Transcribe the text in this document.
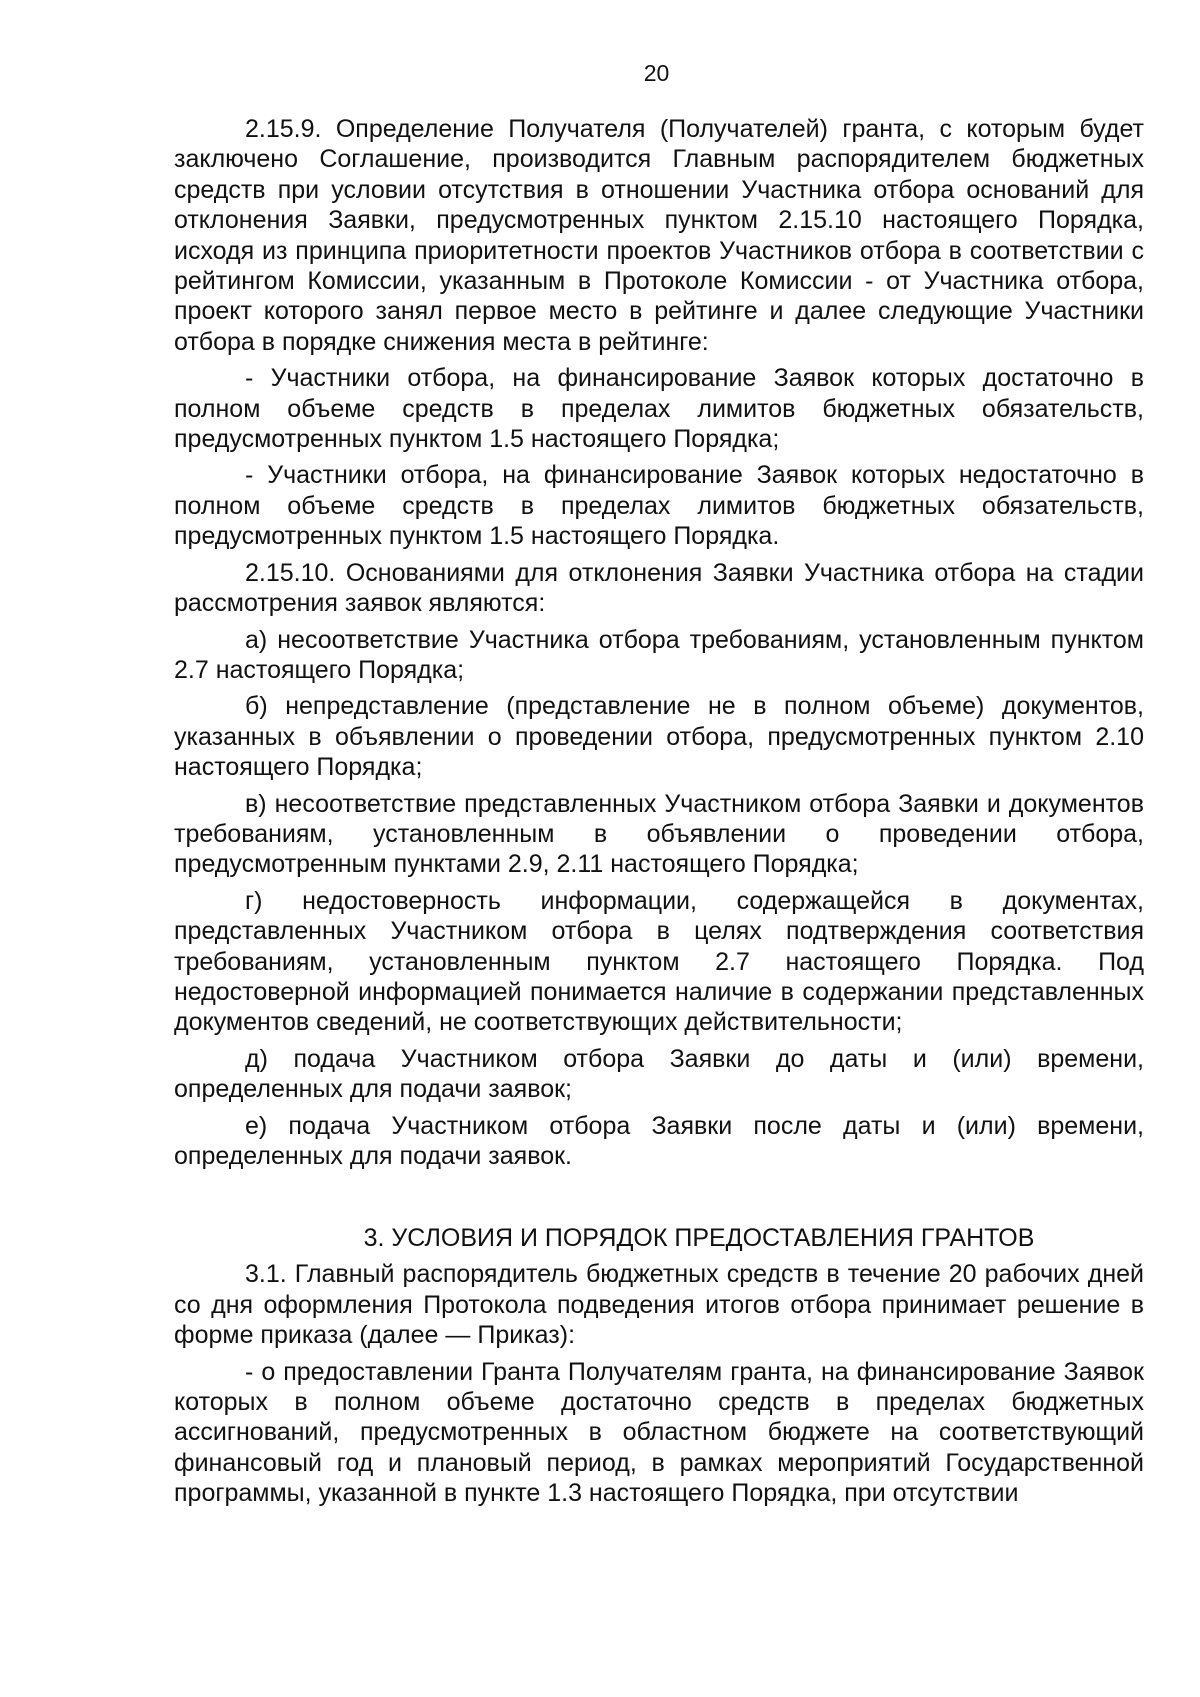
20

2.15.9. Определение Получателя (Получателей) гранта, с которым будет заключено Соглашение, производится Главным распорядителем бюджетных средств при условии отсутствия в отношении Участника отбора оснований для отклонения Заявки, предусмотренных пунктом 2.15.10 настоящего Порядка, исходя из принципа приоритетности проектов Участников отбора в соответствии с рейтингом Комиссии, указанным в Протоколе Комиссии - от Участника отбора, проект которого занял первое место в рейтинге и далее следующие Участники отбора в порядке снижения места в рейтинге:

- Участники отбора, на финансирование Заявок которых достаточно в полном объеме средств в пределах лимитов бюджетных обязательств, предусмотренных пунктом 1.5 настоящего Порядка;

- Участники отбора, на финансирование Заявок которых недостаточно в полном объеме средств в пределах лимитов бюджетных обязательств, предусмотренных пунктом 1.5 настоящего Порядка.

2.15.10. Основаниями для отклонения Заявки Участника отбора на стадии рассмотрения заявок являются:

а) несоответствие Участника отбора требованиям, установленным пунктом 2.7 настоящего Порядка;

б) непредставление (представление не в полном объеме) документов, указанных в объявлении о проведении отбора, предусмотренных пунктом 2.10 настоящего Порядка;

в) несоответствие представленных Участником отбора Заявки и документов требованиям, установленным в объявлении о проведении отбора, предусмотренным пунктами 2.9, 2.11 настоящего Порядка;

г) недостоверность информации, содержащейся в документах, представленных Участником отбора в целях подтверждения соответствия требованиям, установленным пунктом 2.7 настоящего Порядка. Под недостоверной информацией понимается наличие в содержании представленных документов сведений, не соответствующих действительности;

д) подача Участником отбора Заявки до даты и (или) времени, определенных для подачи заявок;

е) подача Участником отбора Заявки после даты и (или) времени, определенных для подачи заявок.

3. УСЛОВИЯ И ПОРЯДОК ПРЕДОСТАВЛЕНИЯ ГРАНТОВ

3.1. Главный распорядитель бюджетных средств в течение 20 рабочих дней со дня оформления Протокола подведения итогов отбора принимает решение в форме приказа (далее — Приказ):

- о предоставлении Гранта Получателям гранта, на финансирование Заявок которых в полном объеме достаточно средств в пределах бюджетных ассигнований, предусмотренных в областном бюджете на соответствующий финансовый год и плановый период, в рамках мероприятий Государственной программы, указанной в пункте 1.3 настоящего Порядка, при отсутствии
